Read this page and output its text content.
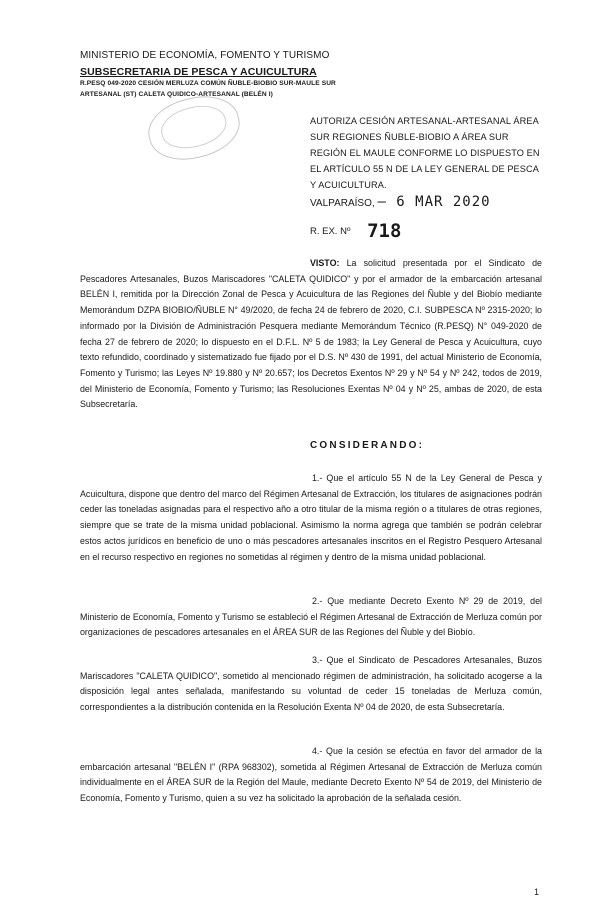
MINISTERIO DE ECONOMÍA, FOMENTO Y TURISMO
SUBSECRETARIA DE PESCA Y ACUICULTURA
R.PESQ 049-2020 CESIÓN MERLUZA COMÚN ÑUBLE-BIOBIO SUR-MAULE SUR
ARTESANAL (ST) CALETA QUIDICO-ARTESANAL (BELÉN I)
AUTORIZA CESIÓN ARTESANAL-ARTESANAL ÁREA SUR REGIONES ÑUBLE-BIOBIO A ÁREA SUR REGIÓN EL MAULE CONFORME LO DISPUESTO EN EL ARTÍCULO 55 N DE LA LEY GENERAL DE PESCA Y ACUICULTURA.
VALPARAÍSO, – 6 MAR 2020
R. EX. Nº 718
VISTO: La solicitud presentada por el Sindicato de Pescadores Artesanales, Buzos Mariscadores "CALETA QUIDICO" y por el armador de la embarcación artesanal BELÉN I, remitida por la Dirección Zonal de Pesca y Acuicultura de las Regiones del Ñuble y del Biobío mediante Memorándum DZPA BIOBIO/ÑUBLE N° 49/2020, de fecha 24 de febrero de 2020, C.I. SUBPESCA Nº 2315-2020; lo informado por la División de Administración Pesquera mediante Memorándum Técnico (R.PESQ) N° 049-2020 de fecha 27 de febrero de 2020; lo dispuesto en el D.F.L. Nº 5 de 1983; la Ley General de Pesca y Acuicultura, cuyo texto refundido, coordinado y sistematizado fue fijado por el D.S. Nº 430 de 1991, del actual Ministerio de Economía, Fomento y Turismo; las Leyes Nº 19.880 y Nº 20.657; los Decretos Exentos Nº 29 y Nº 54 y Nº 242, todos de 2019, del Ministerio de Economía, Fomento y Turismo; las Resoluciones Exentas Nº 04 y Nº 25, ambas de 2020, de esta Subsecretaría.
CONSIDERANDO:
1.- Que el artículo 55 N de la Ley General de Pesca y Acuicultura, dispone que dentro del marco del Régimen Artesanal de Extracción, los titulares de asignaciones podrán ceder las toneladas asignadas para el respectivo año a otro titular de la misma región o a titulares de otras regiones, siempre que se trate de la misma unidad poblacional. Asimismo la norma agrega que también se podrán celebrar estos actos jurídicos en beneficio de uno o más pescadores artesanales inscritos en el Registro Pesquero Artesanal en el recurso respectivo en regiones no sometidas al régimen y dentro de la misma unidad poblacional.
2.- Que mediante Decreto Exento Nº 29 de 2019, del Ministerio de Economía, Fomento y Turismo se estableció el Régimen Artesanal de Extracción de Merluza común por organizaciones de pescadores artesanales en el ÁREA SUR de las Regiones del Ñuble y del Biobío.
3.- Que el Sindicato de Pescadores Artesanales, Buzos Mariscadores "CALETA QUIDICO", sometido al mencionado régimen de administración, ha solicitado acogerse a la disposición legal antes señalada, manifestando su voluntad de ceder 15 toneladas de Merluza común, correspondientes a la distribución contenida en la Resolución Exenta Nº 04 de 2020, de esta Subsecretaría.
4.- Que la cesión se efectúa en favor del armador de la embarcación artesanal "BELÉN I" (RPA 968302), sometida al Régimen Artesanal de Extracción de Merluza común individualmente en el ÁREA SUR de la Región del Maule, mediante Decreto Exento Nº 54 de 2019, del Ministerio de Economía, Fomento y Turismo, quien a su vez ha solicitado la aprobación de la señalada cesión.
1
